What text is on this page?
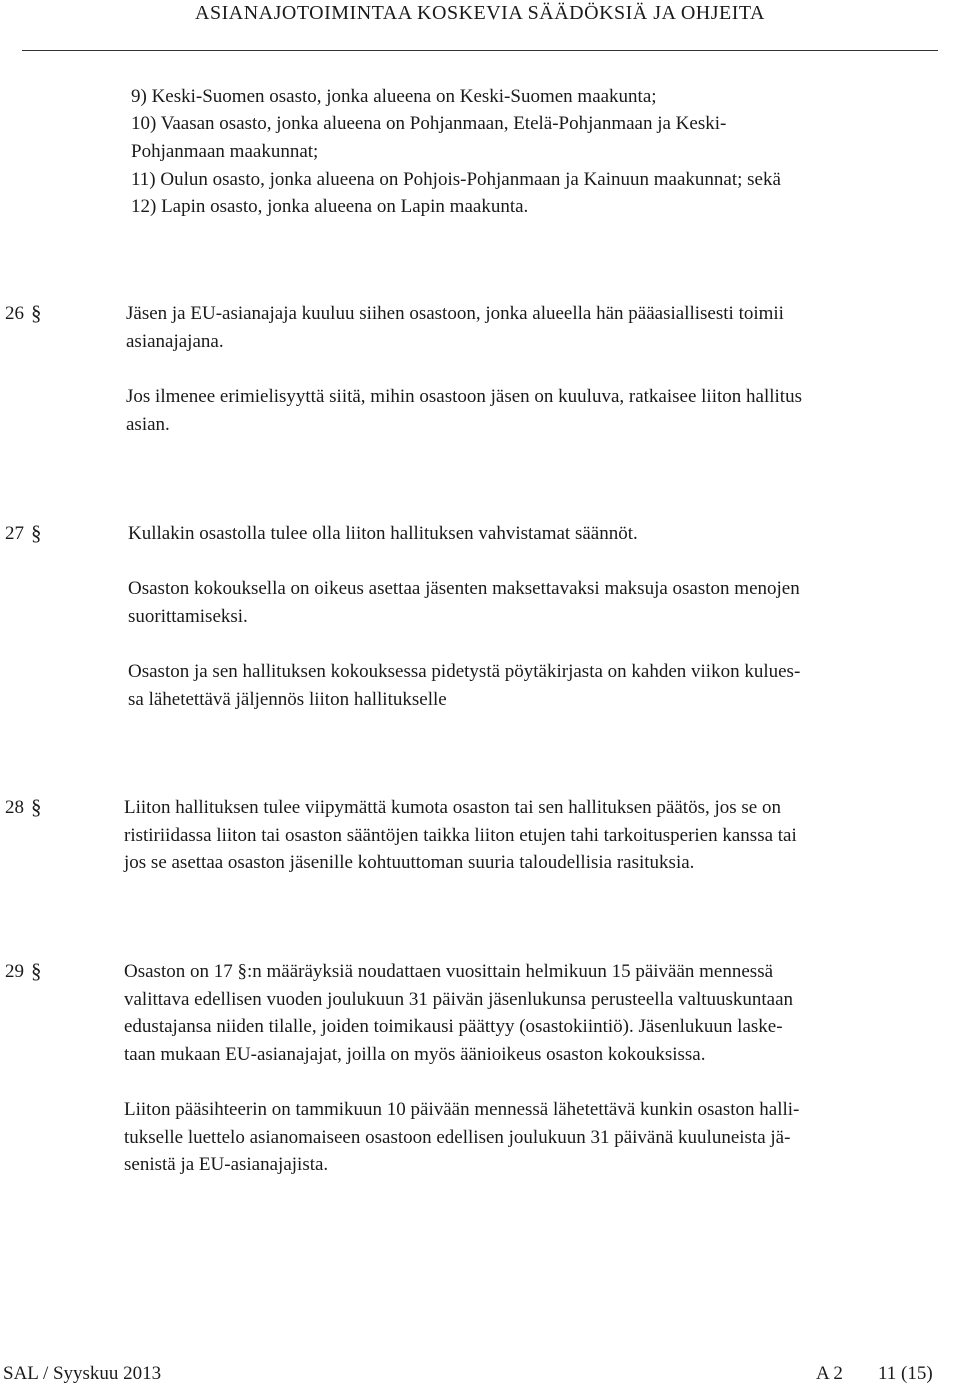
ASIANAJOTOIMINTAA KOSKEVIA SÄÄDÖKSIÄ JA OHJEITA
9) Keski-Suomen osasto, jonka alueena on Keski-Suomen maakunta;
10) Vaasan osasto, jonka alueena on Pohjanmaan, Etelä-Pohjanmaan ja Keski-
Pohjanmaan maakunnat;
11) Oulun osasto, jonka alueena on Pohjois-Pohjanmaan ja Kainuun maakunnat; sekä
12) Lapin osasto, jonka alueena on Lapin maakunta.
26 §	Jäsen ja EU-asianajaja kuuluu siihen osastoon, jonka alueella hän pääasiallisesti toimii
asianajajana.
Jos ilmenee erimielisyyttä siitä, mihin osastoon jäsen on kuuluva, ratkaisee liiton hallitus
asian.
27 §	Kullakin osastolla tulee olla liiton hallituksen vahvistamat säännöt.
Osaston kokouksella on oikeus asettaa jäsenten maksettavaksi maksuja osaston menojen
suorittamiseksi.
Osaston ja sen hallituksen kokouksessa pidetystä pöytäkirjasta on kahden viikon kulues-
sa lähetettävä jäljennös liiton hallitukselle
28 §	Liiton hallituksen tulee viipymättä kumota osaston tai sen hallituksen päätös, jos se on
ristiriidassa liiton tai osaston sääntöjen taikka liiton etujen tahi tarkoitusperien kanssa tai
jos se asettaa osaston jäsenille kohtuuttoman suuria taloudellisia rasituksia.
29 §	Osaston on 17 §:n määräyksiä noudattaen vuosittain helmikuun 15 päivään mennessä
valittava edellisen vuoden joulukuun 31 päivän jäsenlukunsa perusteella valtuuskuntaan
edustajansa niiden tilalle, joiden toimikausi päättyy (osastokiintiö). Jäsenlukuun laske-
taan mukaan EU-asianajajat, joilla on myös äänioikeus osaston kokouksissa.
Liiton pääsihteerin on tammikuun 10 päivään mennessä lähetettävä kunkin osaston halli-
tukselle luettelo asianomaiseen osastoon edellisen joulukuun 31 päivänä kuuluneista jä-
senistä ja EU-asianajajista.
SAL / Syyskuu 2013	A 2 11 (15)
